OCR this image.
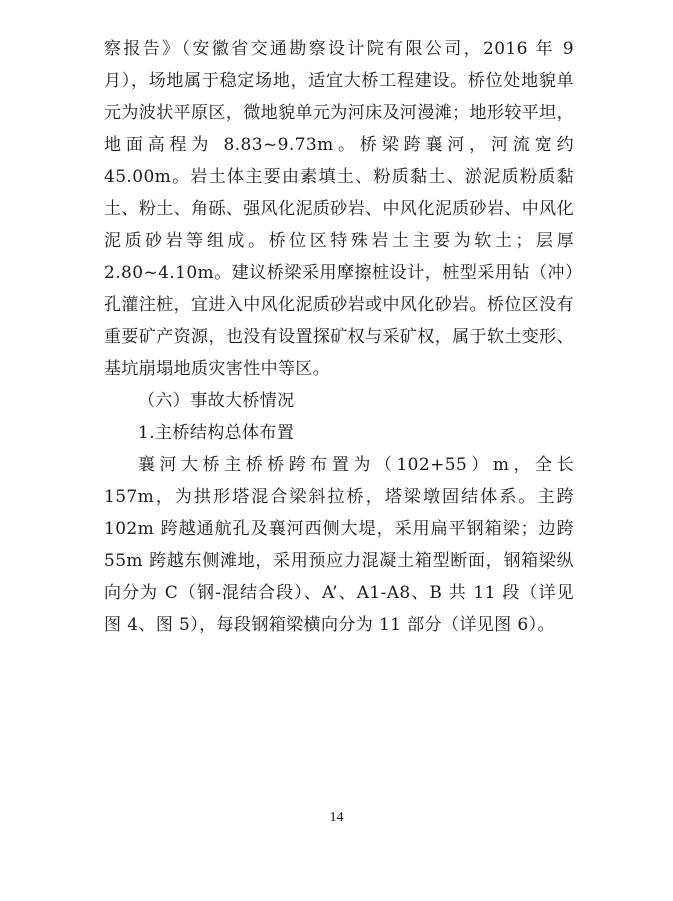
察报告》（安徽省交通勘察设计院有限公司，2016 年 9 月），场地属于稳定场地，适宜大桥工程建设。桥位处地貌单元为波状平原区，微地貌单元为河床及河漫滩；地形较平坦，地面高程为 8.83~9.73m。桥梁跨襄河，河流宽约 45.00m。岩土体主要由素填土、粉质黏土、淤泥质粉质黏土、粉土、角砾、强风化泥质砂岩、中风化泥质砂岩、中风化泥质砂岩等组成。桥位区特殊岩土主要为软土；层厚 2.80~4.10m。建议桥梁采用摩擦桩设计，桩型采用钻（冲）孔灌注桩，宜进入中风化泥质砂岩或中风化砂岩。桥位区没有重要矿产资源，也没有设置探矿权与采矿权，属于软土变形、基坑崩塌地质灾害性中等区。

（六）事故大桥情况

1.主桥结构总体布置

襄河大桥主桥桥跨布置为（102+55）m，全长 157m，为拱形塔混合梁斜拉桥，塔梁墩固结体系。主跨 102m 跨越通航孔及襄河西侧大堤，采用扁平钢箱梁；边跨 55m 跨越东侧滩地，采用预应力混凝土箱型断面，钢箱梁纵向分为 C（钢-混结合段）、A’、A1-A8、B 共 11 段（详见图 4、图 5），每段钢箱梁横向分为 11 部分（详见图 6）。

14
